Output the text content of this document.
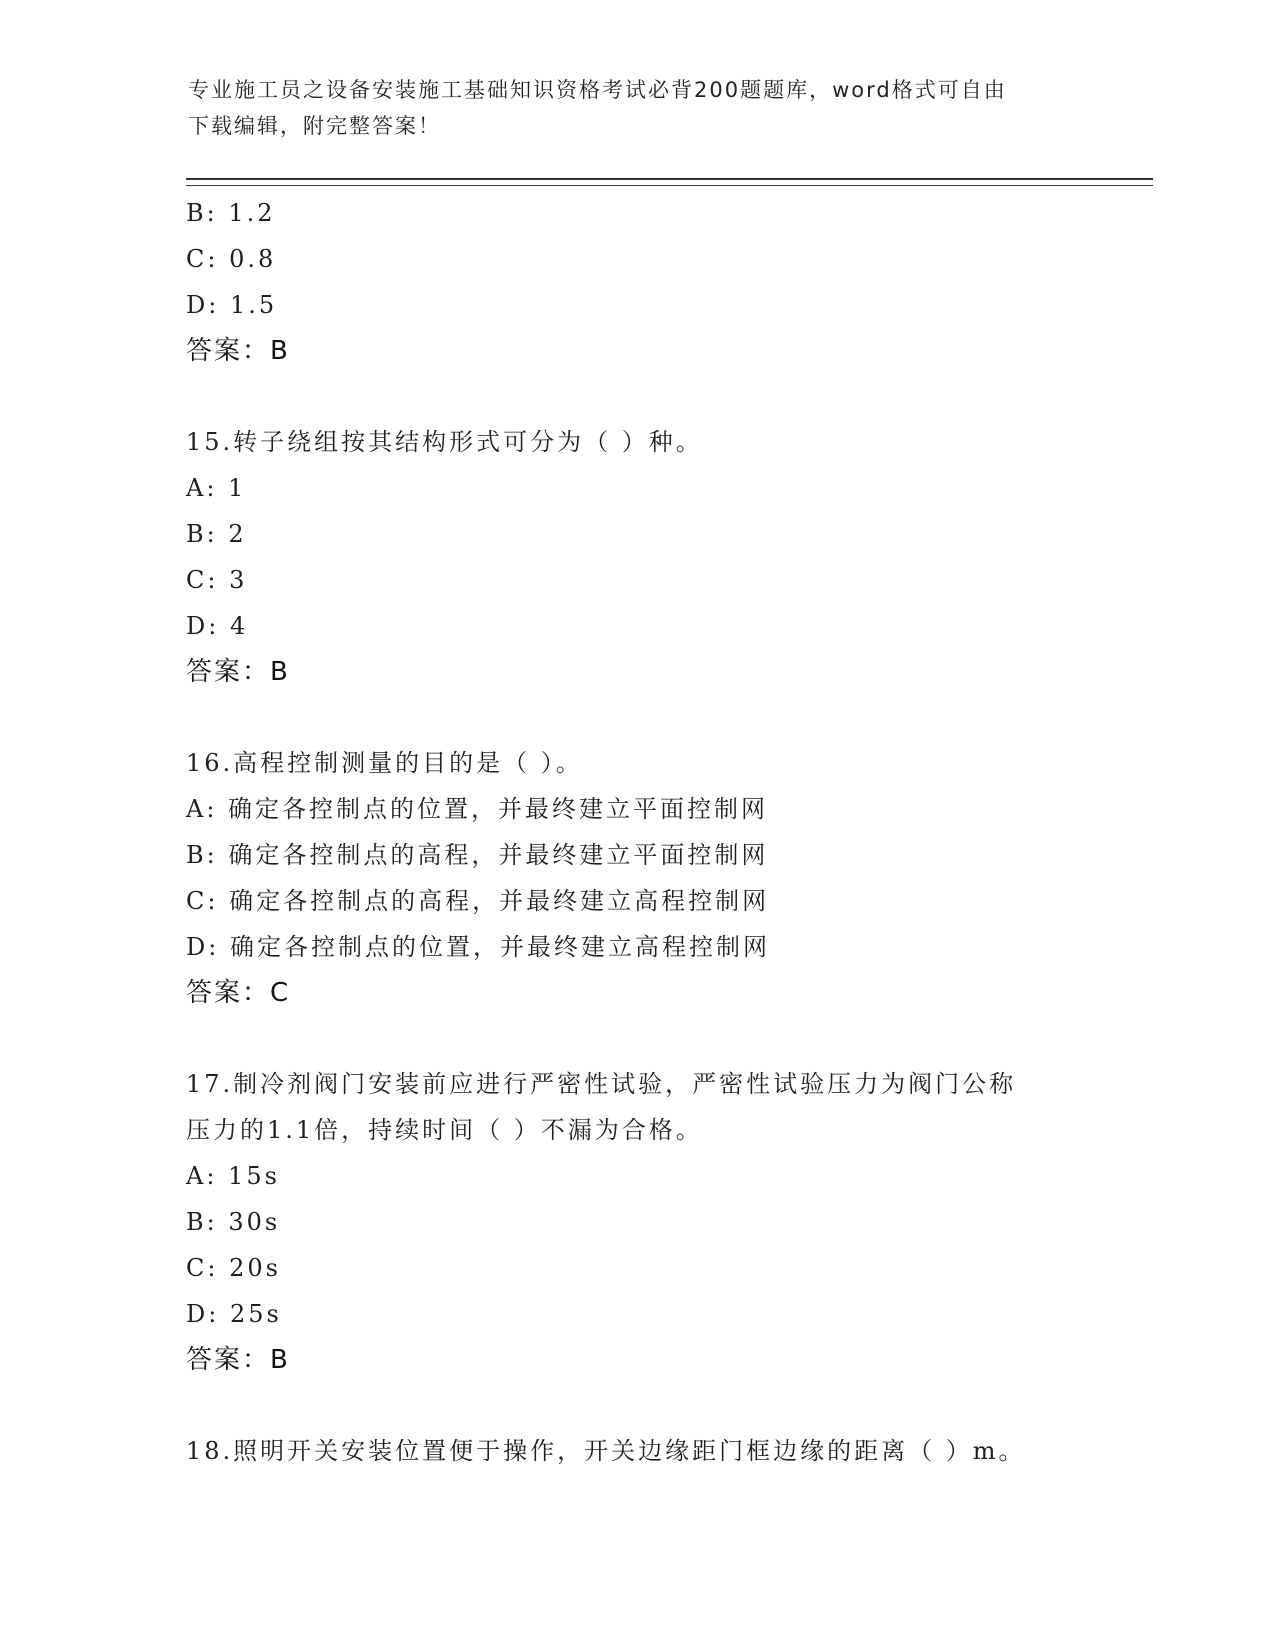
专业施工员之设备安装施工基础知识资格考试必背200题题库，word格式可自由
下载编辑，附完整答案！
B: 1.2
C: 0.8
D: 1.5
答案：B
15.转子绕组按其结构形式可分为（ ）种。
A: 1
B: 2
C: 3
D: 4
答案：B
16.高程控制测量的目的是（ ）。
A: 确定各控制点的位置，并最终建立平面控制网
B: 确定各控制点的高程，并最终建立平面控制网
C: 确定各控制点的高程，并最终建立高程控制网
D: 确定各控制点的位置，并最终建立高程控制网
答案：C
17.制冷剂阀门安装前应进行严密性试验，严密性试验压力为阀门公称
压力的1.1倍，持续时间（ ）不漏为合格。
A: 15s
B: 30s
C: 20s
D: 25s
答案：B
18.照明开关安装位置便于操作，开关边缘距门框边缘的距离（ ）m。
